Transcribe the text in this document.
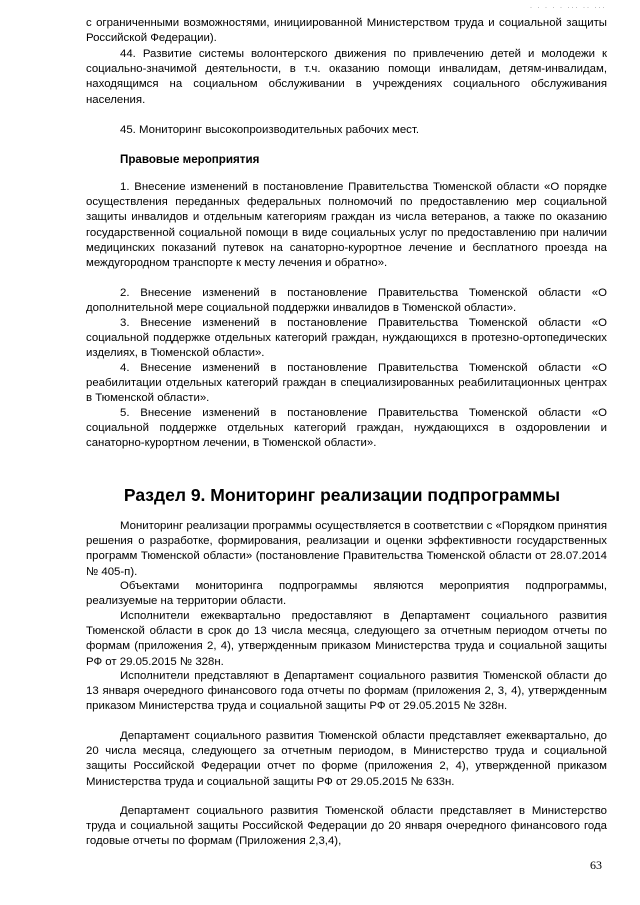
· · · · · ··· ·· ···

с ограниченными возможностями, инициированной Министерством труда и социальной защиты Российской Федерации).

44. Развитие системы волонтерского движения по привлечению детей и молодежи к социально-значимой деятельности, в т.ч. оказанию помощи инвалидам, детям-инвалидам, находящимся на социальном обслуживании в учреждениях социального обслуживания населения.

45. Мониторинг высокопроизводительных рабочих мест.

Правовые мероприятия

1. Внесение изменений в постановление Правительства Тюменской области «О порядке осуществления переданных федеральных полномочий по предоставлению мер социальной защиты инвалидов и отдельным категориям граждан из числа ветеранов, а также по оказанию государственной социальной помощи в виде социальных услуг по предоставлению при наличии медицинских показаний путевок на санаторно-курортное лечение и бесплатного проезда на междугородном транспорте к месту лечения и обратно».

2. Внесение изменений в постановление Правительства Тюменской области «О дополнительной мере социальной поддержки инвалидов в Тюменской области».

3. Внесение изменений в постановление Правительства Тюменской области «О социальной поддержке отдельных категорий граждан, нуждающихся в протезно-ортопедических изделиях, в Тюменской области».

4. Внесение изменений в постановление Правительства Тюменской области «О реабилитации отдельных категорий граждан в специализированных реабилитационных центрах в Тюменской области».

5. Внесение изменений в постановление Правительства Тюменской области «О социальной поддержке отдельных категорий граждан, нуждающихся в оздоровлении и санаторно-курортном лечении, в Тюменской области».

Раздел 9. Мониторинг реализации подпрограммы

Мониторинг реализации программы осуществляется в соответствии с «Порядком принятия решения о разработке, формирования, реализации и оценки эффективности государственных программ Тюменской области» (постановление Правительства Тюменской области от 28.07.2014 № 405-п).

Объектами мониторинга подпрограммы являются мероприятия подпрограммы, реализуемые на территории области.

Исполнители ежеквартально предоставляют в Департамент социального развития Тюменской области в срок до 13 числа месяца, следующего за отчетным периодом отчеты по формам (приложения 2, 4), утвержденным приказом Министерства труда и социальной защиты РФ от 29.05.2015 № 328н.

Исполнители представляют в Департамент социального развития Тюменской области до 13 января очередного финансового года отчеты по формам (приложения 2, 3, 4), утвержденным приказом Министерства труда и социальной защиты РФ от 29.05.2015 № 328н.

Департамент социального развития Тюменской области представляет ежеквартально, до 20 числа месяца, следующего за отчетным периодом, в Министерство труда и социальной защиты Российской Федерации отчет по форме (приложения 2, 4), утвержденной приказом Министерства труда и социальной защиты РФ от 29.05.2015 № 633н.

Департамент социального развития Тюменской области представляет в Министерство труда и социальной защиты Российской Федерации до 20 января очередного финансового года годовые отчеты по формам (Приложения 2,3,4),

63
